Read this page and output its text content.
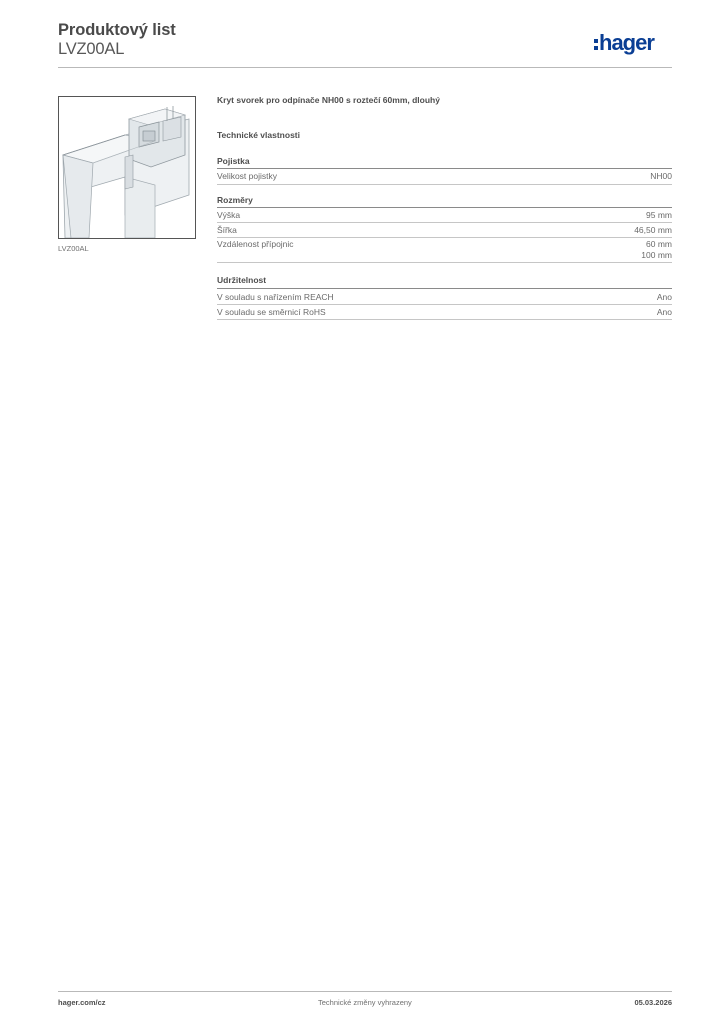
Produktový list
LVZ00AL	hager
LVZ00AL
Kryt svorek pro odpínače NH00 s roztečí 60mm, dlouhý
Technické vlastnosti
Pojistka
Velikost pojistky	NH00
Rozměry
Výška	95 mm
Šířka	46,50 mm
Vzdálenost přípojnic	60 mm
100 mm
Udržitelnost
V souladu s nařízením REACH	Ano
V souladu se směrnicí RoHS	Ano
hager.com/cz	Technické změny vyhrazeny	05.03.2026
